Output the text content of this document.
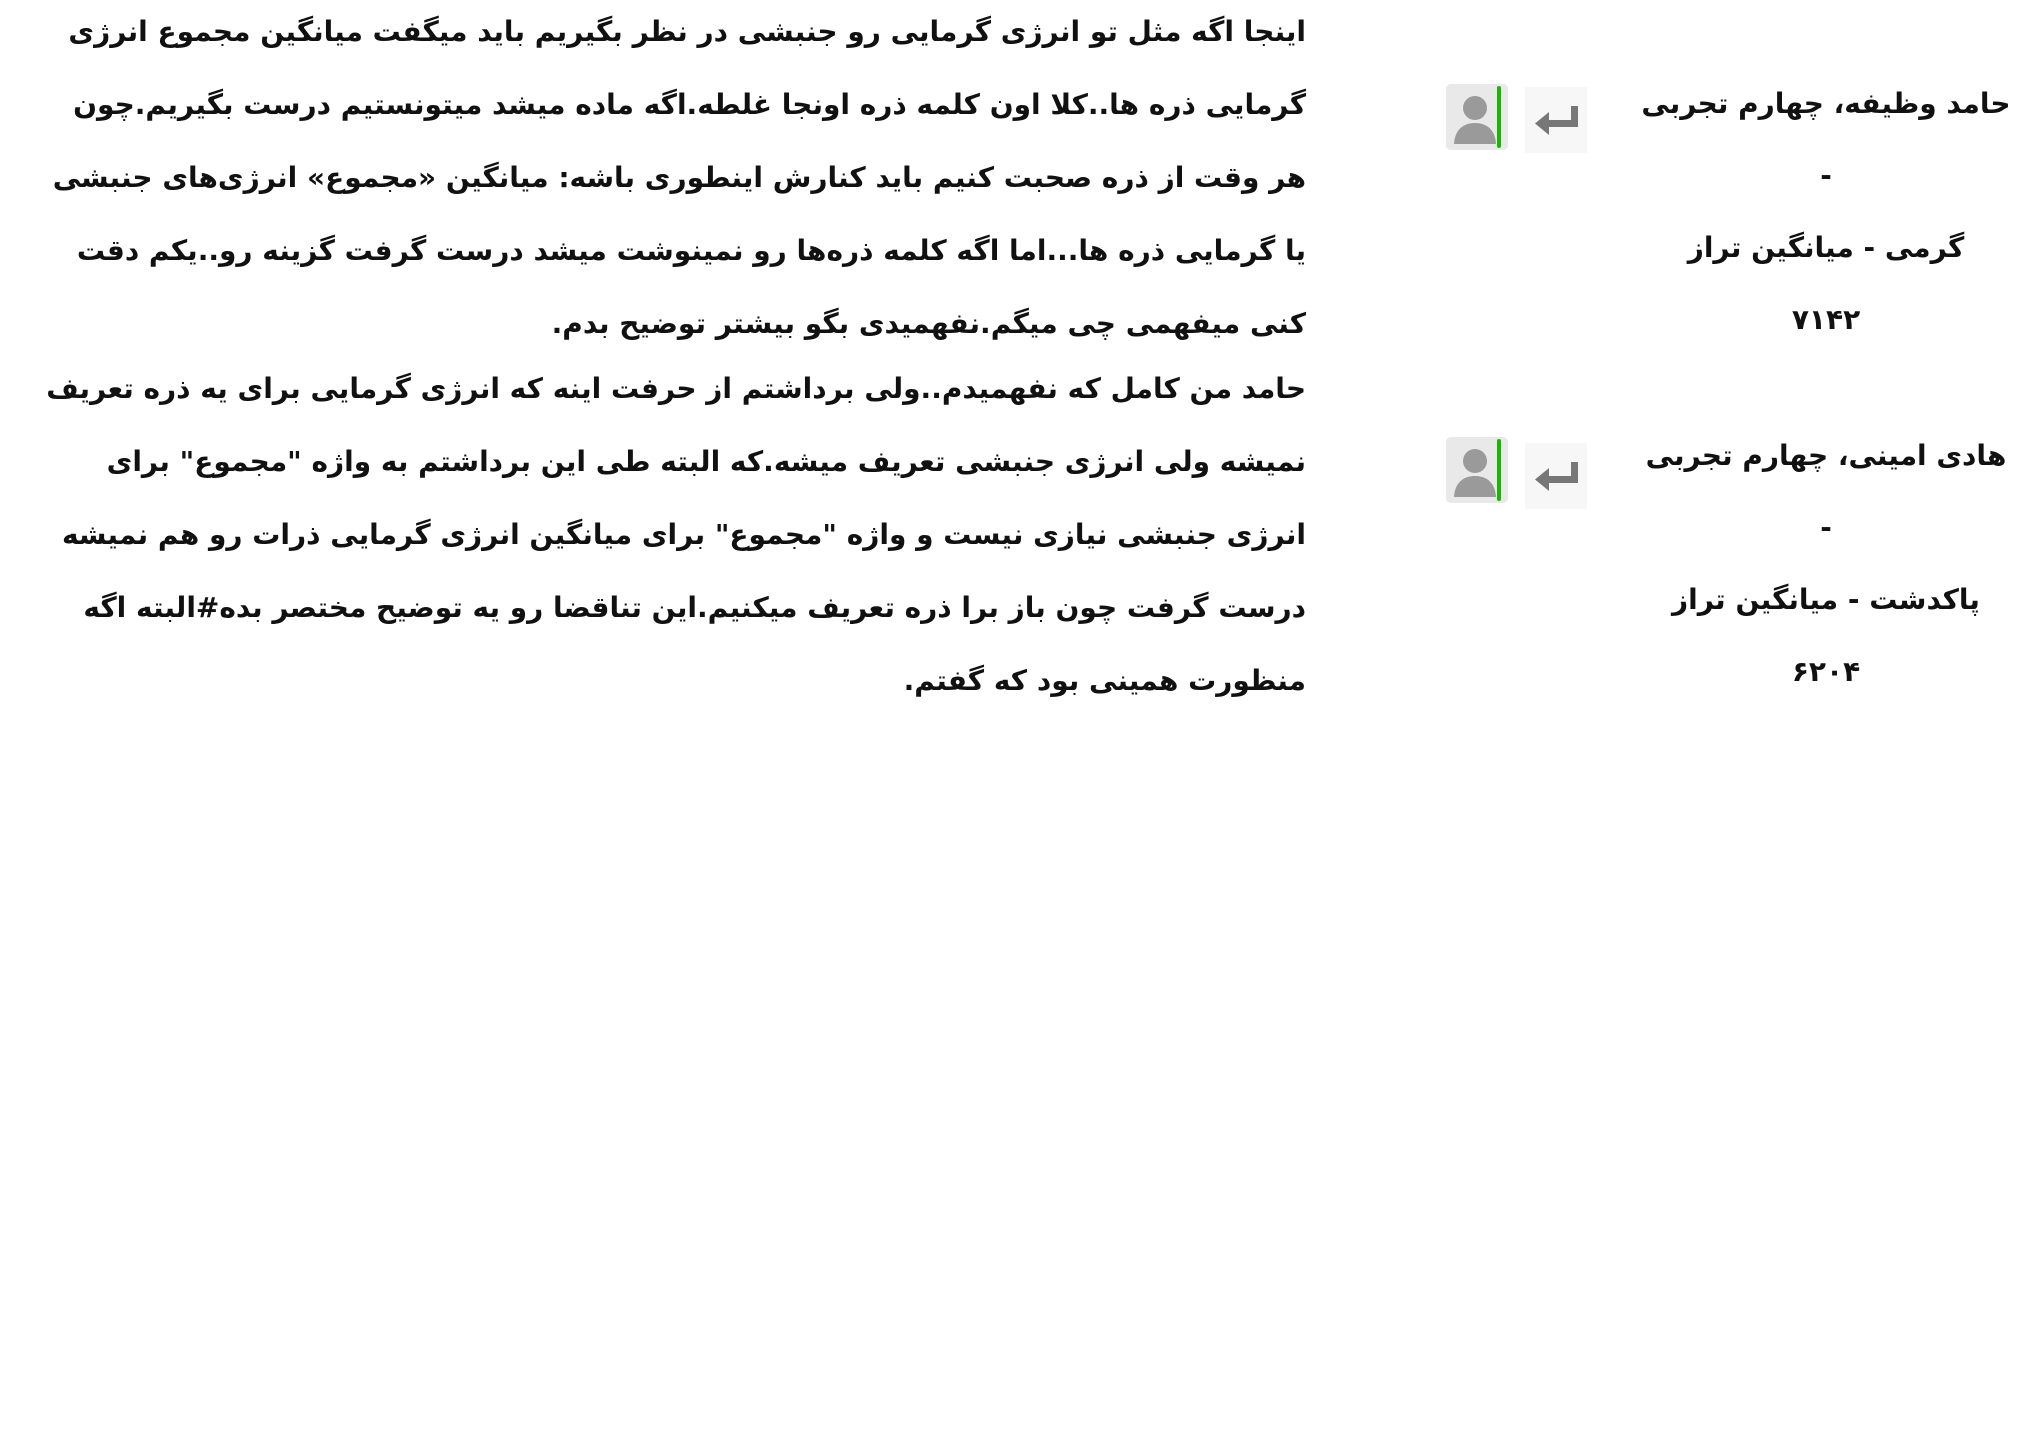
حامد وظیفه، چهارم تجربی -
گرمی - میانگین تراز
۷۱۴۲
اینجا اگه مثل تو انرژی گرمایی رو جنبشی در نظر بگیریم باید میگفت میانگین مجموع انرژی گرمایی ذره ها..کلا اون کلمه ذره اونجا غلطه.اگه ماده میشد میتونستیم درست بگیریم.چون هر وقت از ذره صحبت کنیم باید کنارش اینطوری باشه: میانگین «مجموع» انرژی‌های جنبشی یا گرمایی ذره ها...اما اگه کلمه ذره‌ها رو نمینوشت میشد درست گرفت گزینه رو..یکم دقت کنی میفهمی چی میگم.نفهمیدی بگو بیشتر توضیح بدم.
هادی امینی، چهارم تجربی -
پاکدشت - میانگین تراز
۶۲۰۴
حامد من کامل که نفهمیدم..ولی برداشتم از حرفت اینه که انرژی گرمایی برای یه ذره تعریف نمیشه ولی انرژی جنبشی تعریف میشه.که البته طی این برداشتم به واژه "مجموع" برای انرژی جنبشی نیازی نیست و واژه "مجموع" برای میانگین انرژی گرمایی ذرات رو هم نمیشه درست گرفت چون باز برا ذره تعریف میکنیم.این تناقضا رو یه توضیح مختصر بده#البته اگه منظورت همینی بود که گفتم.
